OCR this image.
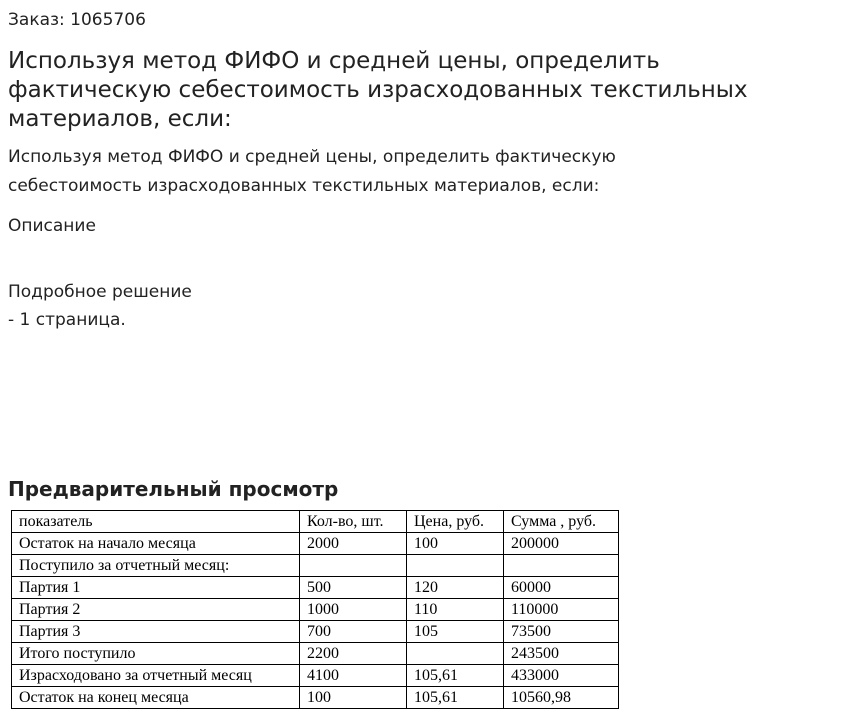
Заказ: 1065706
Используя метод ФИФО и средней цены, определить фактическую себестоимость израсходованных текстильных материалов, если:
Используя метод ФИФО и средней цены, определить фактическую
себестоимость израсходованных текстильных материалов, если:
Описание
Подробное решение
- 1 страница.
Предварительный просмотр
показатель	Кол-во, шт.	Цена, руб.	Сумма , руб.
Остаток на начало месяца	2000	100	200000
Поступило за отчетный месяц:			
Партия 1	500	120	60000
Партия 2	1000	110	110000
Партия 3	700	105	73500
Итого поступило	2200		243500
Израсходовано за отчетный месяц	4100	105,61	433000
Остаток на конец месяца	100	105,61	10560,98
